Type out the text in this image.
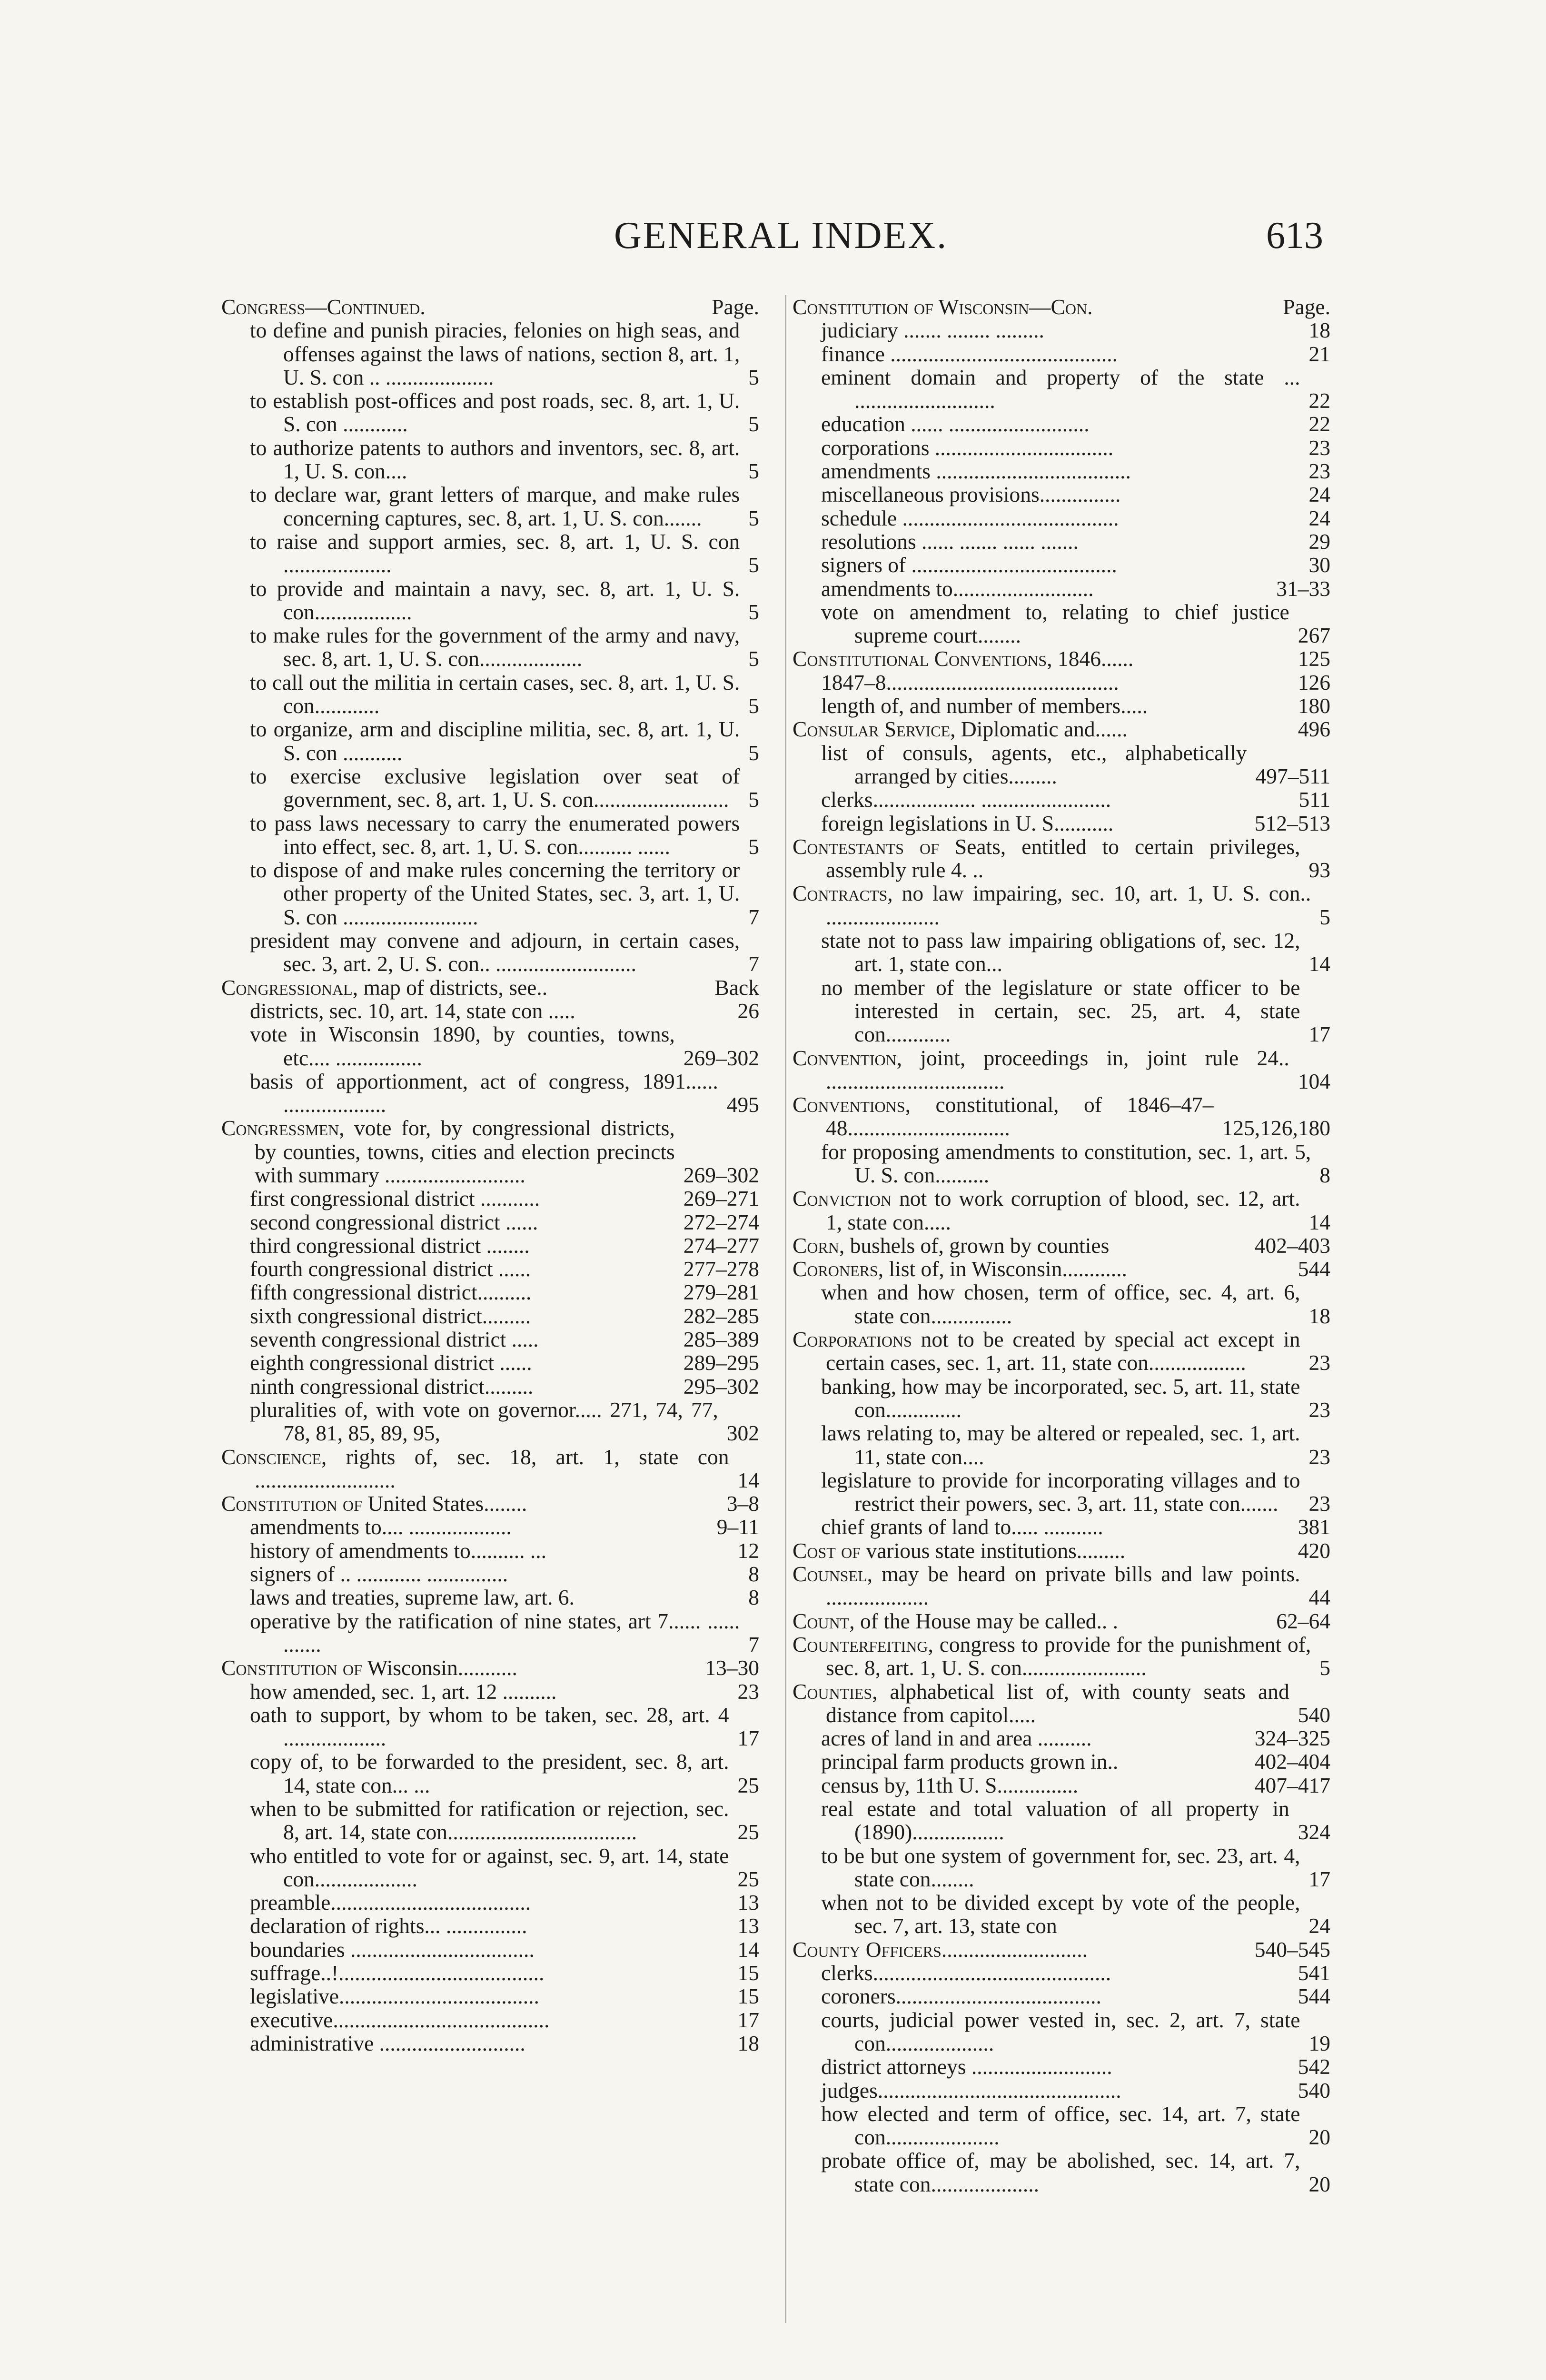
GENERAL INDEX.	613
Congress—Continued.	Page.
to define and punish piracies, felonies on high seas, and offenses against the laws of nations, section 8, art. 1, U. S. con .. ....................	5
to establish post-offices and post roads, sec. 8, art. 1, U. S. con ............	5
to authorize patents to authors and inventors, sec. 8, art. 1, U. S. con....	5
to declare war, grant letters of marque, and make rules concerning captures, sec. 8, art. 1, U. S. con.......	5
to raise and support armies, sec. 8, art. 1, U. S. con ....................	5
to provide and maintain a navy, sec. 8, art. 1, U. S. con..................	5
to make rules for the government of the army and navy, sec. 8, art. 1, U. S. con...................	5
to call out the militia in certain cases, sec. 8, art. 1, U. S. con............	5
to organize, arm and discipline militia, sec. 8, art. 1, U. S. con ...........	5
to exercise exclusive legislation over seat of government, sec. 8, art. 1, U. S. con......................... 5
to pass laws necessary to carry the enumerated powers into effect, sec. 8, art. 1, U. S. con.......... ......	5
to dispose of and make rules concerning the territory or other property of the United States, sec. 3, art. 1, U. S. con .........................	7
president may convene and adjourn, in certain cases, sec. 3, art. 2, U. S. con.. ..........................	7
Congressional, map of districts, see..	Back
districts, sec. 10, art. 14, state con .....	26
vote in Wisconsin 1890, by counties, towns, etc.... ................	269–302
basis of apportionment, act of congress, 1891...... ...................	495
Congressmen, vote for, by congressional districts, by counties, towns, cities and election precincts with summary ..........................	269–302
first congressional district ...........	269–271
second congressional district ......	272–274
third congressional district ........	274–277
fourth congressional district ......	277–278
fifth congressional district..........	279–281
sixth congressional district.........	282–285
seventh congressional district .....	285–389
eighth congressional district ......	289–295
ninth congressional district.........	295–302
pluralities of, with vote on governor..... 271, 74, 77, 78, 81, 85, 89, 95,	302
Conscience, rights of, sec. 18, art. 1, state con ..........................	14
Constitution of United States........	3–8
amendments to.... ...................	9–11
history of amendments to.......... ...	12
signers of .. ............ ...............	8
laws and treaties, supreme law, art. 6.	8
operative by the ratification of nine states, art 7...... ...... .......	7
Constitution of Wisconsin...........	13–30
how amended, sec. 1, art. 12 ..........	23
oath to support, by whom to be taken, sec. 28, art. 4 ...................	17
copy of, to be forwarded to the president, sec. 8, art. 14, state con... ...	25
when to be submitted for ratification or rejection, sec. 8, art. 14, state con...................................	25
who entitled to vote for or against, sec. 9, art. 14, state con...................	25
preamble.....................................	13
declaration of rights... ...............	13
boundaries ..................................	14
suffrage..!......................................	15
legislative.....................................	15
executive........................................	17
administrative ...........................	18
Constitution of Wisconsin—Con.	Page.
judiciary ....... ........ .........	18
finance ..........................................	21
eminent domain and property of the state ... ..........................	22
education ...... ..........................	22
corporations .................................	23
amendments ....................................	23
miscellaneous provisions...............	24
schedule ........................................	24
resolutions ...... ....... ...... .......	29
signers of ......................................	30
amendments to..........................	31–33
vote on amendment to, relating to chief justice supreme court........	267
Constitutional Conventions, 1846......	125
1847–8...........................................	126
length of, and number of members.....	180
Consular Service, Diplomatic and......	496
list of consuls, agents, etc., alphabetically arranged by cities.........	497–511
clerks................... ........................	511
foreign legislations in U. S...........	512–513
Contestants of Seats, entitled to certain privileges, assembly rule 4. ..	93
Contracts, no law impairing, sec. 10, art. 1, U. S. con.. .....................	5
state not to pass law impairing obligations of, sec. 12, art. 1, state con...	14
no member of the legislature or state officer to be interested in certain, sec. 25, art. 4, state con............	17
Convention, joint, proceedings in, joint rule 24.. .................................	104
Conventions, constitutional, of 1846–47–48..............................	125,126,180
for proposing amendments to constitution, sec. 1, art. 5, U. S. con..........	8
Conviction not to work corruption of blood, sec. 12, art. 1, state con.....	14
Corn, bushels of, grown by counties	402–403
Coroners, list of, in Wisconsin............	544
when and how chosen, term of office, sec. 4, art. 6, state con...............	18
Corporations not to be created by special act except in certain cases, sec. 1, art. 11, state con..................	23
banking, how may be incorporated, sec. 5, art. 11, state con..............	23
laws relating to, may be altered or repealed, sec. 1, art. 11, state con....	23
legislature to provide for incorporating villages and to restrict their powers, sec. 3, art. 11, state con.......	23
chief grants of land to..... ...........	381
Cost of various state institutions.........	420
Counsel, may be heard on private bills and law points. ...................	44
Count, of the House may be called.. .	62–64
Counterfeiting, congress to provide for the punishment of, sec. 8, art. 1, U. S. con.......................	5
Counties, alphabetical list of, with county seats and distance from capitol.....	540
acres of land in and area ..........	324–325
principal farm products grown in..	402–404
census by, 11th U. S...............	407–417
real estate and total valuation of all property in (1890).................	324
to be but one system of government for, sec. 23, art. 4, state con........	17
when not to be divided except by vote of the people, sec. 7, art. 13, state con	24
County Officers...........................	540–545
clerks............................................	541
coroners......................................	544
courts, judicial power vested in, sec. 2, art. 7, state con....................	19
district attorneys ..........................	542
judges.............................................	540
how elected and term of office, sec. 14, art. 7, state con.....................	20
probate office of, may be abolished, sec. 14, art. 7, state con....................	20
